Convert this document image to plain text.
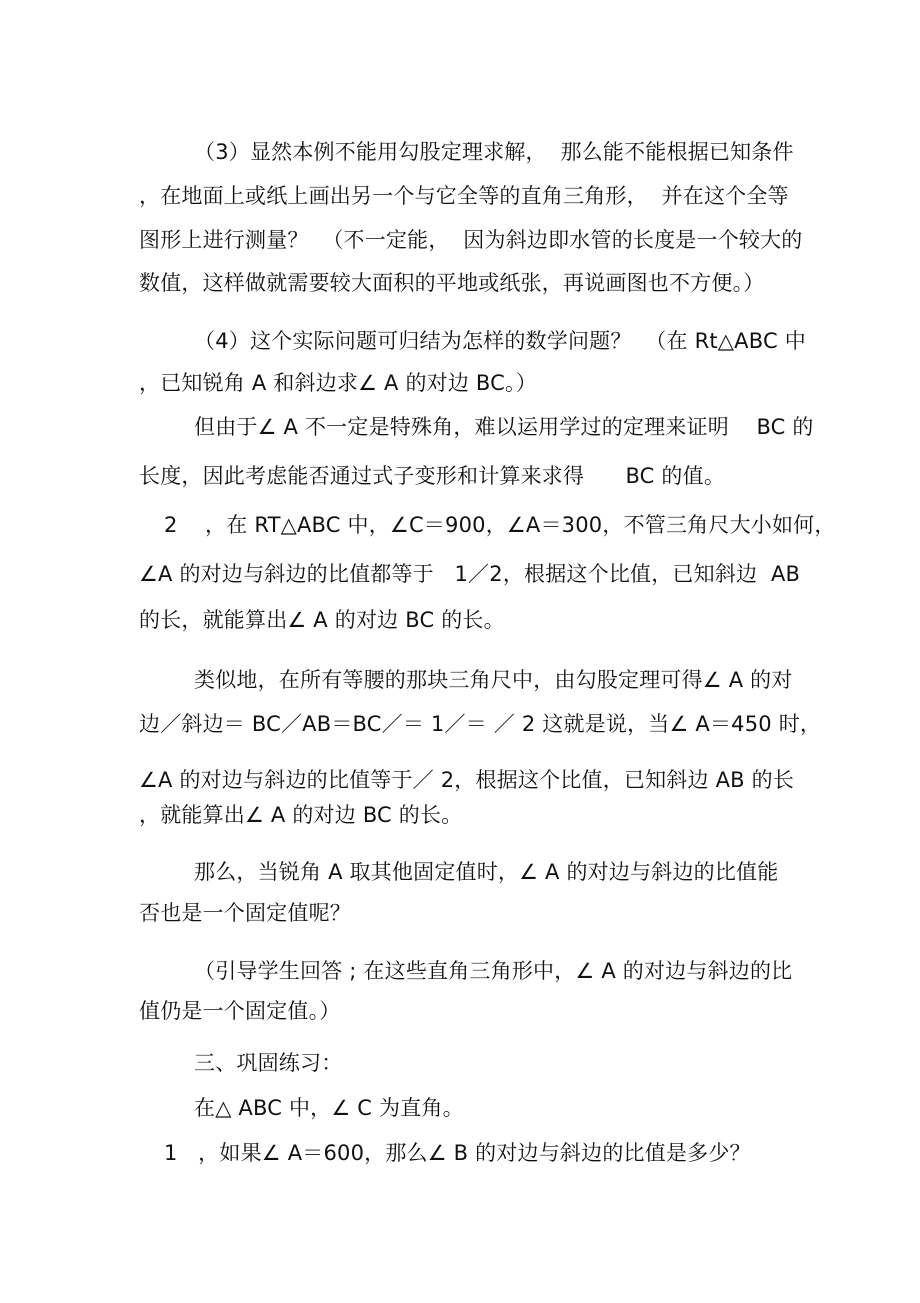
（3）显然本例不能用勾股定理求解，  那么能不能根据已知条件
，在地面上或纸上画出另一个与它全等的直角三角形，  并在这个全等
图形上进行测量？  （不一定能，  因为斜边即水管的长度是一个较大的
数值，这样做就需要较大面积的平地或纸张，再说画图也不方便。）
（4）这个实际问题可归结为怎样的数学问题？  （在 Rt△ABC 中
，已知锐角 A 和斜边求∠ A 的对边 BC。）
但由于∠ A 不一定是特殊角，难以运用学过的定理来证明    BC 的
长度，因此考虑能否通过式子变形和计算来求得      BC 的值。
2    ，在 RT△ABC 中，∠C＝900，∠A＝300，不管三角尺大小如何，
∠A 的对边与斜边的比值都等于   1／2，根据这个比值，已知斜边  AB
的长，就能算出∠ A 的对边 BC 的长。
类似地，在所有等腰的那块三角尺中，由勾股定理可得∠ A 的对
边／斜边＝ BC／AB＝BC／＝ 1／＝ ／ 2 这就是说，当∠ A＝450 时，
∠A 的对边与斜边的比值等于／ 2，根据这个比值，已知斜边 AB 的长
，就能算出∠ A 的对边 BC 的长。
那么，当锐角 A 取其他固定值时，∠ A 的对边与斜边的比值能
否也是一个固定值呢？
（引导学生回答 ; 在这些直角三角形中，∠ A 的对边与斜边的比
值仍是一个固定值。）
三、巩固练习：
在△ ABC 中，∠ C 为直角。
1   ，如果∠ A＝600，那么∠ B 的对边与斜边的比值是多少？
